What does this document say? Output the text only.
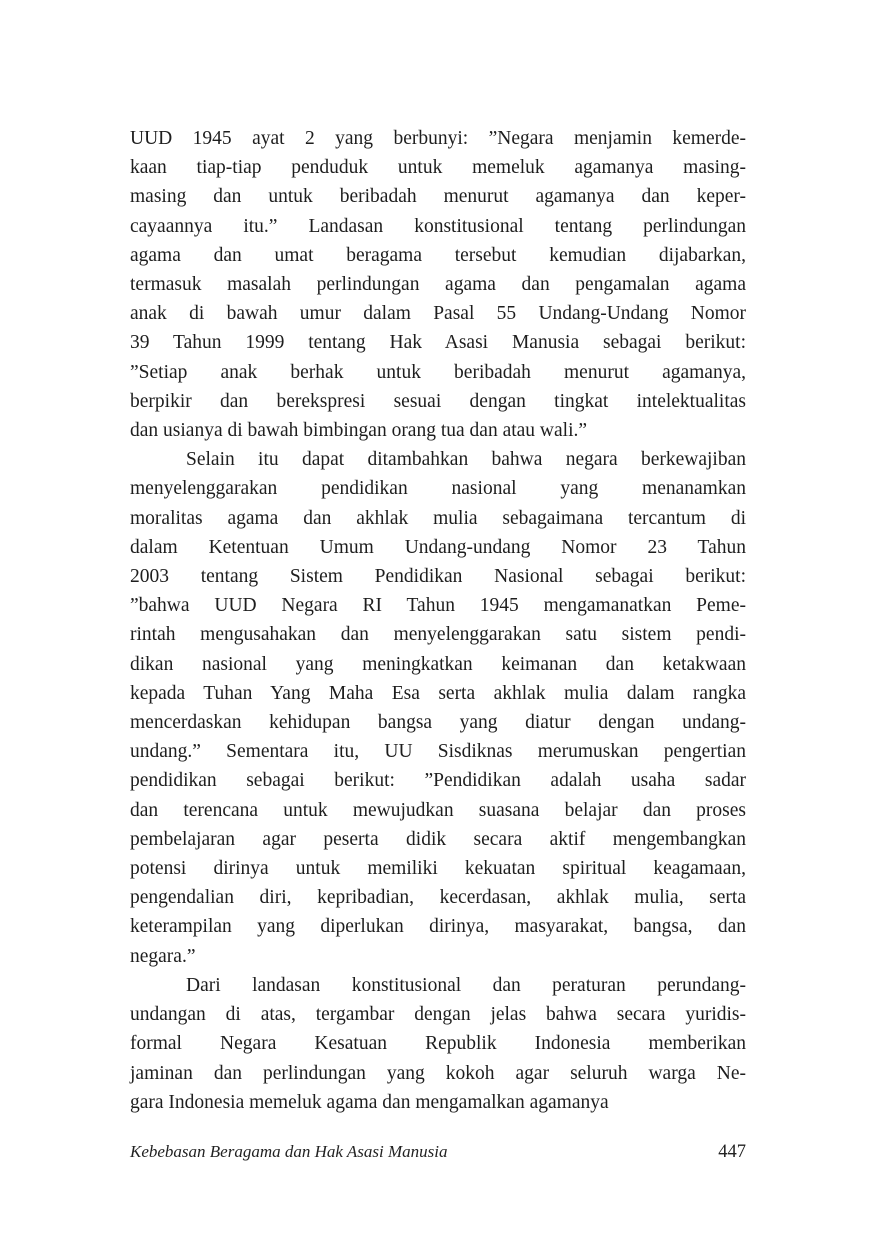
UUD 1945 ayat 2 yang berbunyi: ”Negara menjamin kemerde-
kaan tiap-tiap penduduk untuk memeluk agamanya masing-
masing dan untuk beribadah menurut agamanya dan keper-
cayaannya itu.” Landasan konstitusional tentang perlindungan
agama dan umat beragama tersebut kemudian dijabarkan,
termasuk masalah perlindungan agama dan pengamalan agama
anak di bawah umur dalam Pasal 55 Undang-Undang Nomor
39 Tahun 1999 tentang Hak Asasi Manusia sebagai berikut:
”Setiap anak berhak untuk beribadah menurut agamanya,
berpikir dan berekspresi sesuai dengan tingkat intelektualitas
dan usianya di bawah bimbingan orang tua dan atau wali.”
Selain itu dapat ditambahkan bahwa negara berkewajiban
menyelenggarakan pendidikan nasional yang menanamkan
moralitas agama dan akhlak mulia sebagaimana tercantum di
dalam Ketentuan Umum Undang-undang Nomor 23 Tahun
2003 tentang Sistem Pendidikan Nasional sebagai berikut:
”bahwa UUD Negara RI Tahun 1945 mengamanatkan Peme-
rintah mengusahakan dan menyelenggarakan satu sistem pendi-
dikan nasional yang meningkatkan keimanan dan ketakwaan
kepada Tuhan Yang Maha Esa serta akhlak mulia dalam rangka
mencerdaskan kehidupan bangsa yang diatur dengan undang-
undang.” Sementara itu, UU Sisdiknas merumuskan pengertian
pendidikan sebagai berikut: ”Pendidikan adalah usaha sadar
dan terencana untuk mewujudkan suasana belajar dan proses
pembelajaran agar peserta didik secara aktif mengembangkan
potensi dirinya untuk memiliki kekuatan spiritual keagamaan,
pengendalian diri, kepribadian, kecerdasan, akhlak mulia, serta
keterampilan yang diperlukan dirinya, masyarakat, bangsa, dan
negara.”
Dari landasan konstitusional dan peraturan perundang-
undangan di atas, tergambar dengan jelas bahwa secara yuridis-
formal Negara Kesatuan Republik Indonesia memberikan
jaminan dan perlindungan yang kokoh agar seluruh warga Ne-
gara Indonesia memeluk agama dan mengamalkan agamanya
Kebebasan Beragama dan Hak Asasi Manusia	447
